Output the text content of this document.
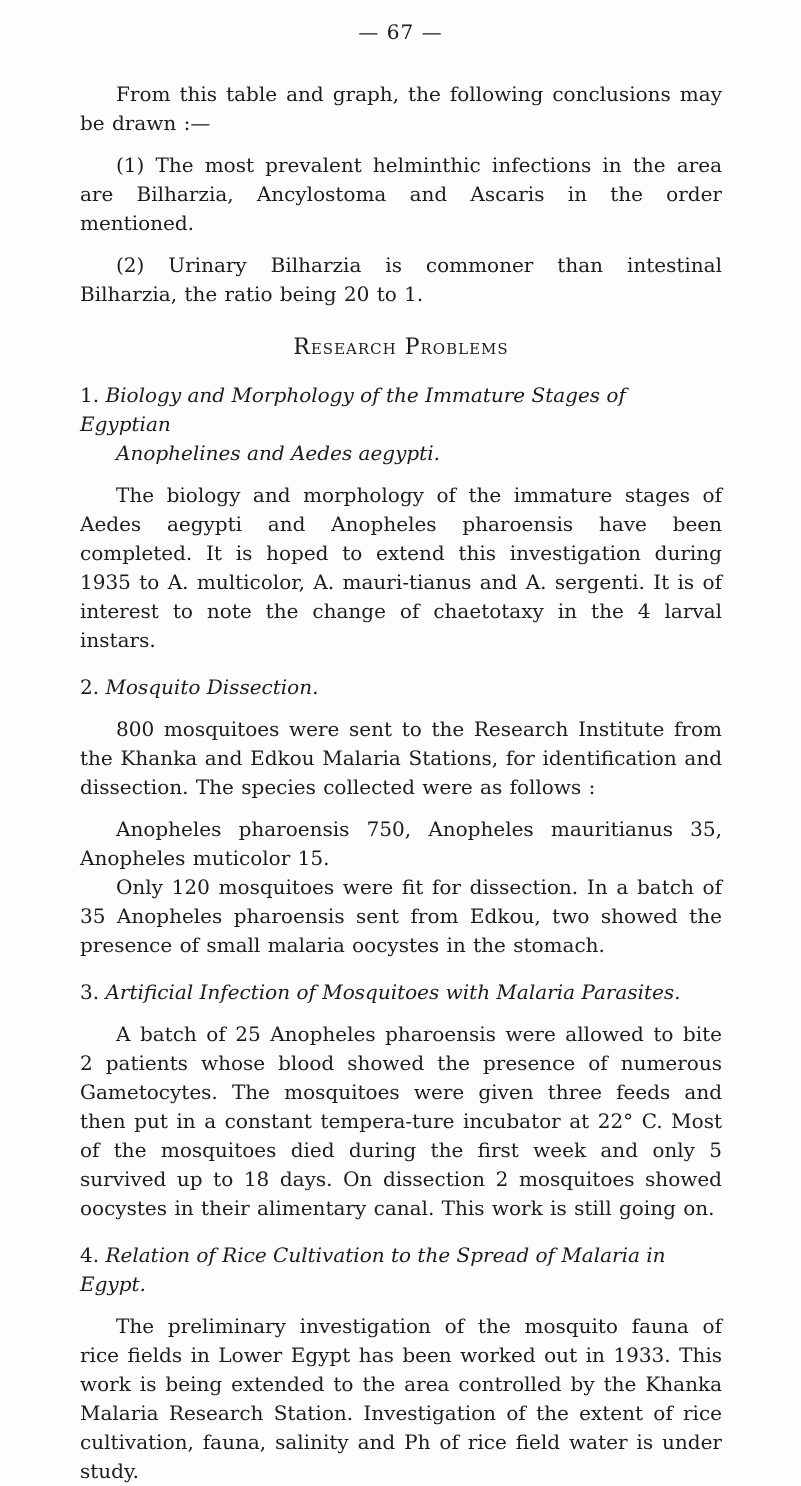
— 67 —

From this table and graph, the following conclusions may be drawn :—

(1) The most prevalent helminthic infections in the area are Bilharzia, Ancylostoma and Ascaris in the order mentioned.

(2) Urinary Bilharzia is commoner than intestinal Bilharzia, the ratio being 20 to 1.

Research Problems
1. Biology and Morphology of the Immature Stages of Egyptian
Anophelines and Aedes aegypti.

The biology and morphology of the immature stages of Aedes aegypti and Anopheles pharoensis have been completed. It is hoped to extend this investigation during 1935 to A. multicolor, A. mauri-tianus and A. sergenti. It is of interest to note the change of chaetotaxy in the 4 larval instars.

2. Mosquito Dissection.

800 mosquitoes were sent to the Research Institute from the Khanka and Edkou Malaria Stations, for identification and dissection. The species collected were as follows :

Anopheles pharoensis 750, Anopheles mauritianus 35, Anopheles muticolor 15.

Only 120 mosquitoes were fit for dissection. In a batch of 35 Anopheles pharoensis sent from Edkou, two showed the presence of small malaria oocystes in the stomach.

3. Artificial Infection of Mosquitoes with Malaria Parasites.

A batch of 25 Anopheles pharoensis were allowed to bite 2 patients whose blood showed the presence of numerous Gametocytes. The mosquitoes were given three feeds and then put in a constant tempera-ture incubator at 22° C. Most of the mosquitoes died during the first week and only 5 survived up to 18 days. On dissection 2 mosquitoes showed oocystes in their alimentary canal. This work is still going on.

4. Relation of Rice Cultivation to the Spread of Malaria in Egypt.

The preliminary investigation of the mosquito fauna of rice fields in Lower Egypt has been worked out in 1933. This work is being extended to the area controlled by the Khanka Malaria Research Station. Investigation of the extent of rice cultivation, fauna, salinity and Ph of rice field water is under study.
